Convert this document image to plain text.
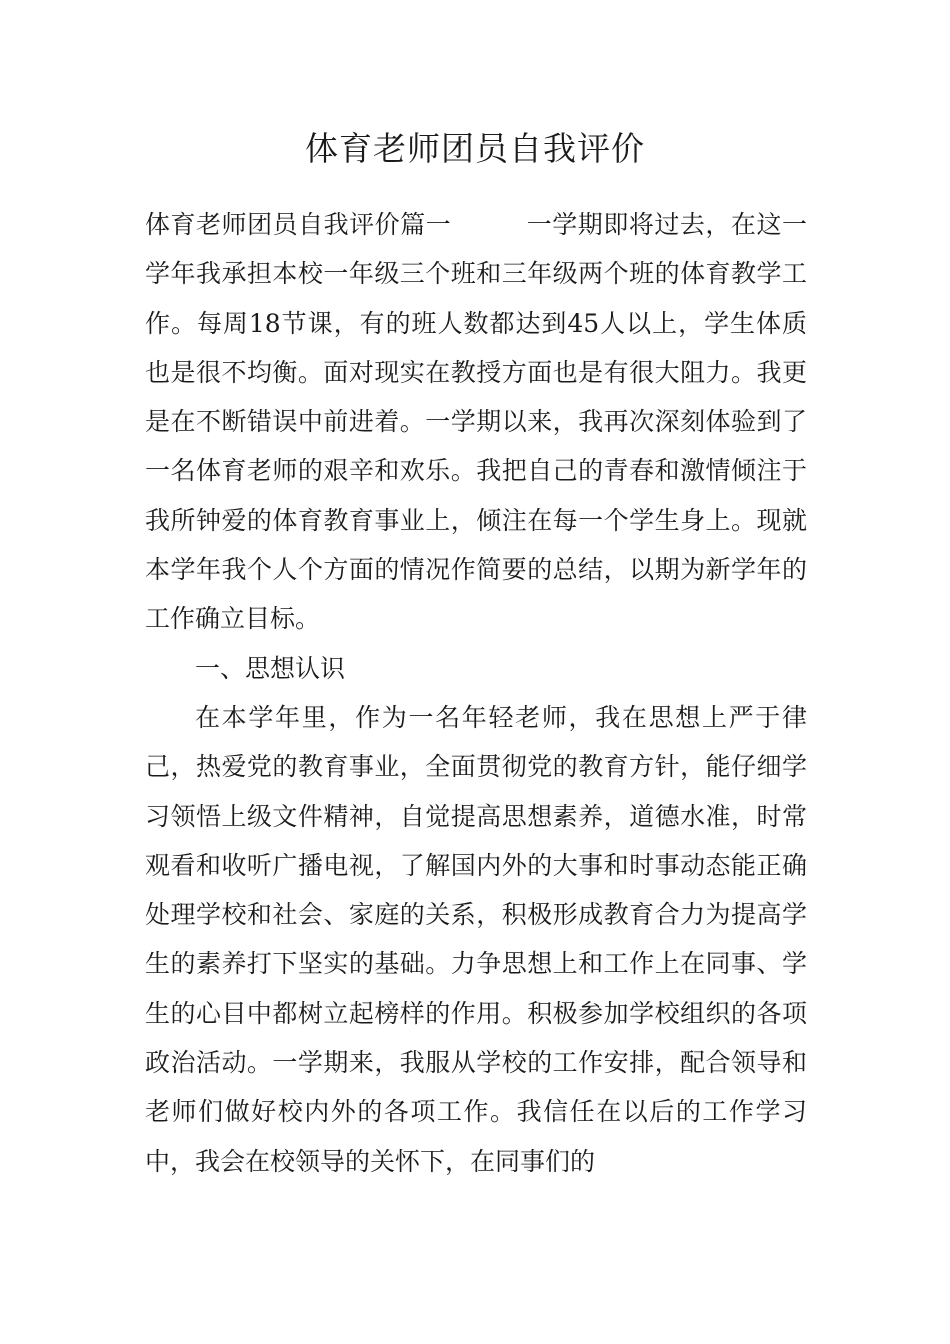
体育老师团员自我评价

体育老师团员自我评价篇一	一学期即将过去，在这一学年我承担本校一年级三个班和三年级两个班的体育教学工作。每周18节课，有的班人数都达到45人以上，学生体质也是很不均衡。面对现实在教授方面也是有很大阻力。我更是在不断错误中前进着。一学期以来，我再次深刻体验到了一名体育老师的艰辛和欢乐。我把自己的青春和激情倾注于我所钟爱的体育教育事业上，倾注在每一个学生身上。现就本学年我个人个方面的情况作简要的总结，以期为新学年的工作确立目标。

一、思想认识

在本学年里，作为一名年轻老师，我在思想上严于律己，热爱党的教育事业，全面贯彻党的教育方针，能仔细学习领悟上级文件精神，自觉提高思想素养，道德水准，时常观看和收听广播电视，了解国内外的大事和时事动态能正确处理学校和社会、家庭的关系，积极形成教育合力为提高学生的素养打下坚实的基础。力争思想上和工作上在同事、学生的心目中都树立起榜样的作用。积极参加学校组织的各项政治活动。一学期来，我服从学校的工作安排，配合领导和老师们做好校内外的各项工作。我信任在以后的工作学习中，我会在校领导的关怀下，在同事们的
